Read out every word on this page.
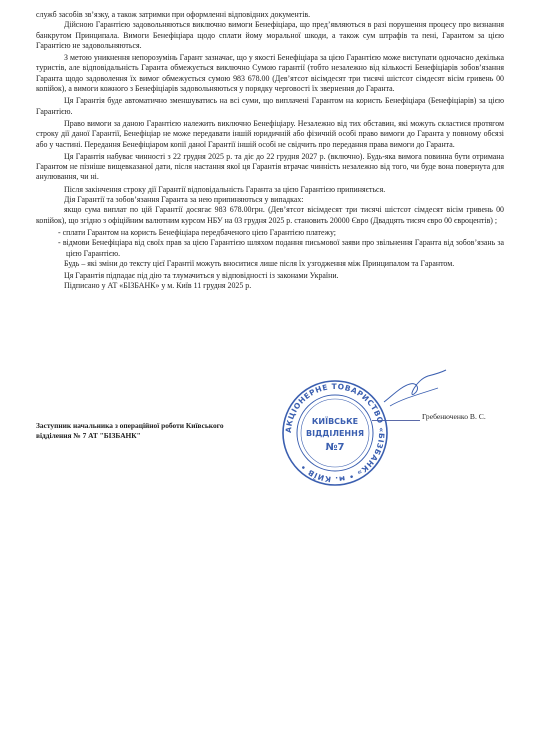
служб засобів зв’язку, а також затримки при оформленні відповідних документів.

Дійсною Гарантією задовольняються виключно вимоги Бенефіціара, що пред’являються в разі порушення процесу про визнання банкрутом Принципала. Вимоги Бенефіціара щодо сплати йому моральної шкоди, а також сум штрафів та пені, Гарантом за цією Гарантією не задовольняються.

З метою уникнення непорозумінь Гарант зазначає, що у якості Бенефіціара за цією Гарантією може виступати одночасно декілька туристів, але відповідальність Гаранта обмежується виключно Сумою гарантії (тобто незалежно від кількості Бенефіціарів зобов’язання Гаранта щодо задоволення їх вимог обмежується сумою 983 678.00 (Дев’ятсот вісімдесят три тисячі шістсот сімдесят вісім гривень 00 копійок), а вимоги кожного з Бенефіціарів задовольняються у порядку черговості їх звернення до Гаранта.

Ця Гарантія буде автоматично зменшуватись на всі суми, що виплачені Гарантом на користь Бенефіціара (Бенефіціарів) за цією Гарантією.

Право вимоги за даною Гарантією належить виключно Бенефіціару. Незалежно від тих обставин, які можуть скластися протягом строку дії даної Гарантії, Бенефіціар не може передавати іншій юридичній або фізичній особі право вимоги до Гаранта у повному обсязі або у частині. Передання Бенефіціаром копії даної Гарантії іншій особі не свідчить про передання права вимоги до Гаранта.

Ця Гарантія набуває чинності з 22 грудня 2025 р. та діє до 22 грудня 2027 р. (включно). Будь-яка вимога повинна бути отримана Гарантом не пізніше вищевказаної дати, після настання якої ця Гарантія втрачає чинність незалежно від того, чи буде вона повернута для анулювання, чи ні.

Після закінчення строку дії Гарантії відповідальність Гаранта за цією Гарантією припиняється.

Дія Гарантії та зобов’язання Гаранта за нею припиняються у випадках:

якщо сума виплат по цій Гарантії досягає 983 678.00грн. (Дев’ятсот вісімдесят три тисячі шістсот сімдесят вісім гривень 00 копійок), що згідно з офіційним валютним курсом НБУ на 03 грудня 2025 р. становить 20000 Євро (Двадцять тисяч євро 00 євроцентів) ;

- сплати Гарантом на користь Бенефіціара передбаченого цією Гарантією платежу;

- відмови Бенефіціара від своїх прав за цією Гарантією шляхом подання письмової заяви про звільнення Гаранта від зобов’язань за цією Гарантією.

Будь – які зміни до тексту цієї Гарантії можуть вноситися лише після їх узгодження між Принципалом та Гарантом.

Ця Гарантія підпадає під дію та тлумачиться у відповідності із законами України.

Підписано у АТ «БІЗБАНК» у м. Київ 11 грудня 2025 р.

Заступник начальника з операційної роботи Київського
відділення № 7 АТ "БІЗБАНК"
Гребенюченко В. С.
АКЦІОНЕРНЕ ТОВАРИСТВО «БІЗБАНК» • м. КИЇВ •
КИЇВСЬКЕ
ВІДДІЛЕННЯ
№7
